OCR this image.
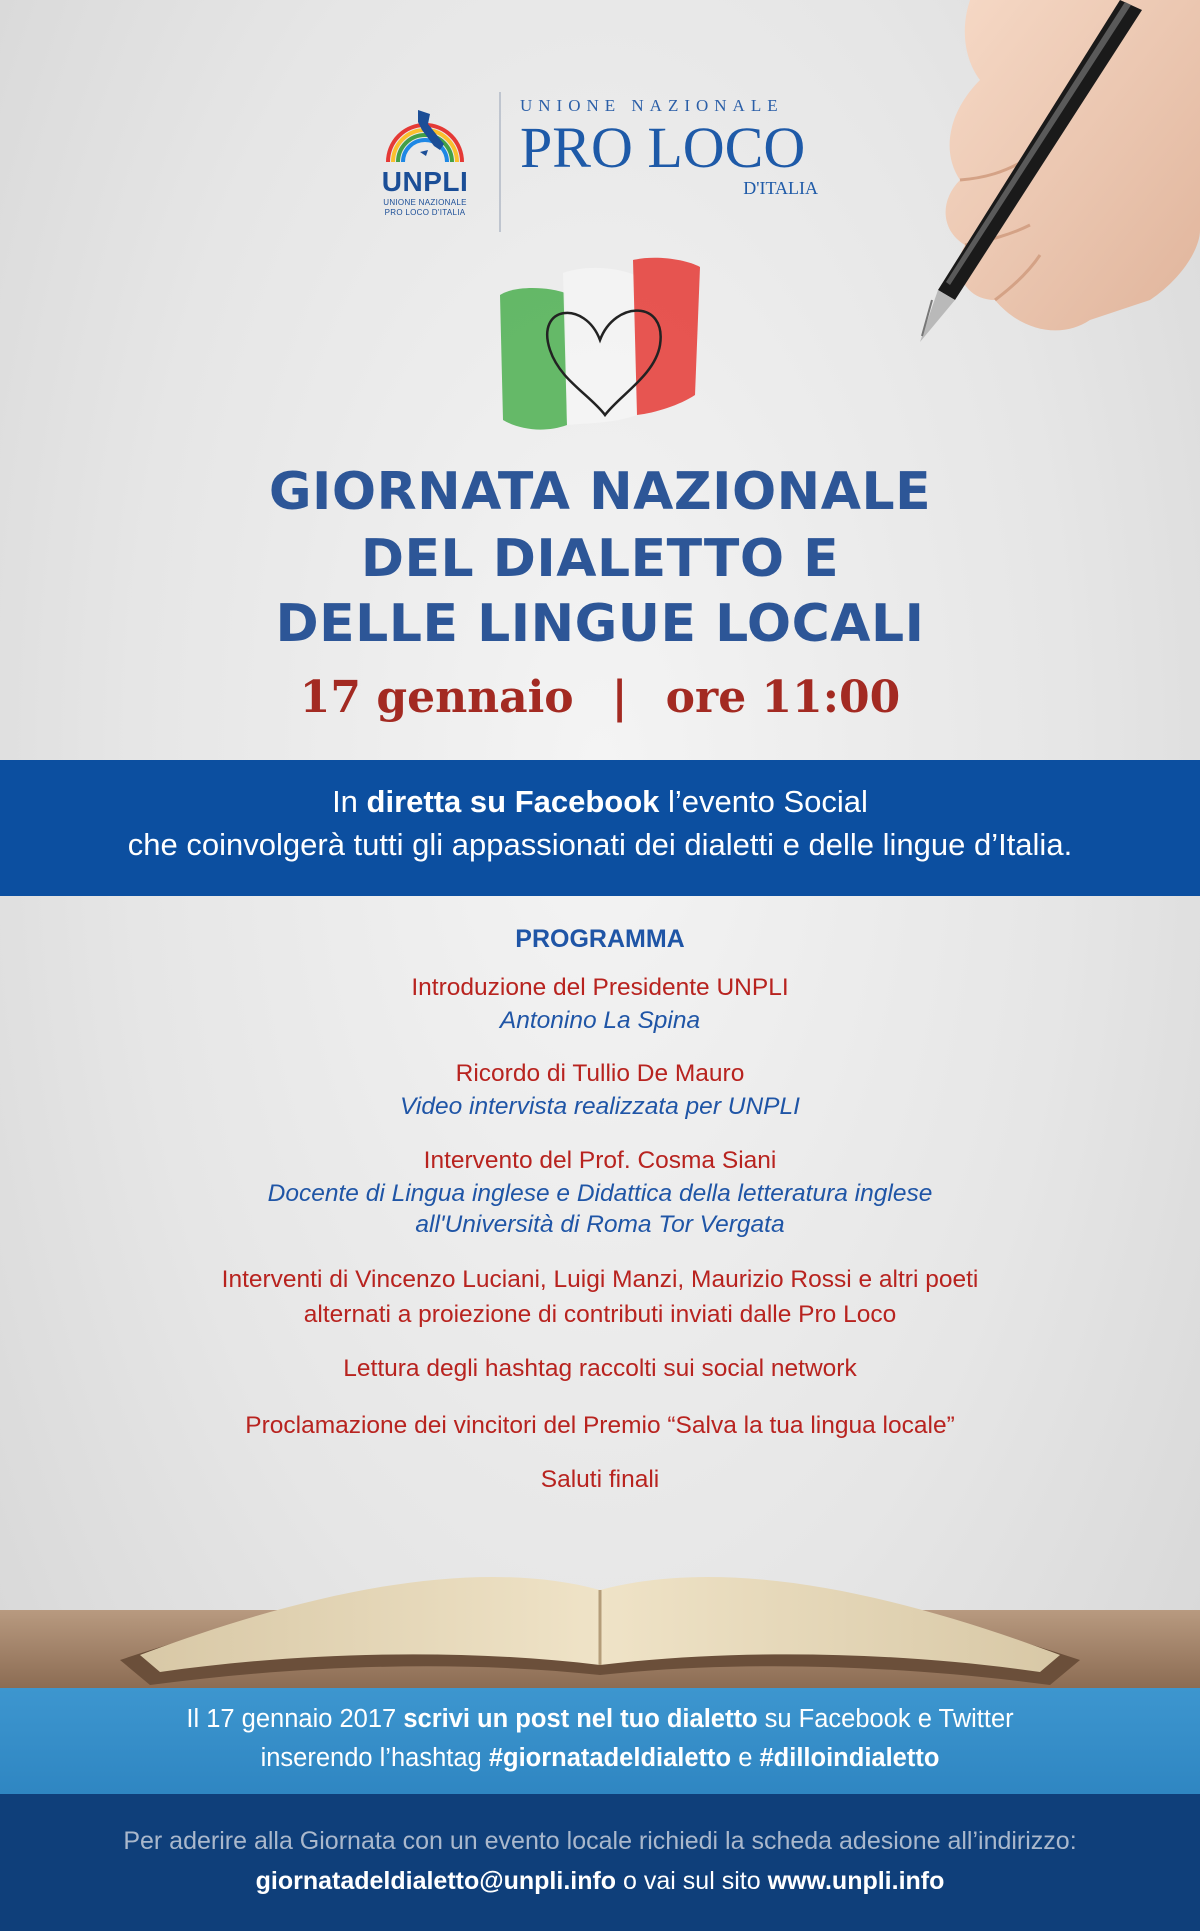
UNPLI
UNIONE NAZIONALE
PRO LOCO D'ITALIA
UNIONE NAZIONALE
PRO LOCO
D'ITALIA
GIORNATA NAZIONALE
DEL DIALETTO E
DELLE LINGUE LOCALI
17 gennaio | ore 11:00
In diretta su Facebook l’evento Social
che coinvolgerà tutti gli appassionati dei dialetti e delle lingue d’Italia.
PROGRAMMA
Introduzione del Presidente UNPLI
Antonino La Spina
Ricordo di Tullio De Mauro
Video intervista realizzata per UNPLI
Intervento del Prof. Cosma Siani
Docente di Lingua inglese e Didattica della letteratura inglese
all'Università di Roma Tor Vergata
Interventi di Vincenzo Luciani, Luigi Manzi, Maurizio Rossi e altri poeti
alternati a proiezione di contributi inviati dalle Pro Loco
Lettura degli hashtag raccolti sui social network
Proclamazione dei vincitori del Premio “Salva la tua lingua locale”
Saluti finali
Il 17 gennaio 2017 scrivi un post nel tuo dialetto su Facebook e Twitter
inserendo l’hashtag #giornatadeldialetto e #dilloindialetto
Per aderire alla Giornata con un evento locale richiedi la scheda adesione all’indirizzo:
giornatadeldialetto@unpli.info o vai sul sito www.unpli.info
